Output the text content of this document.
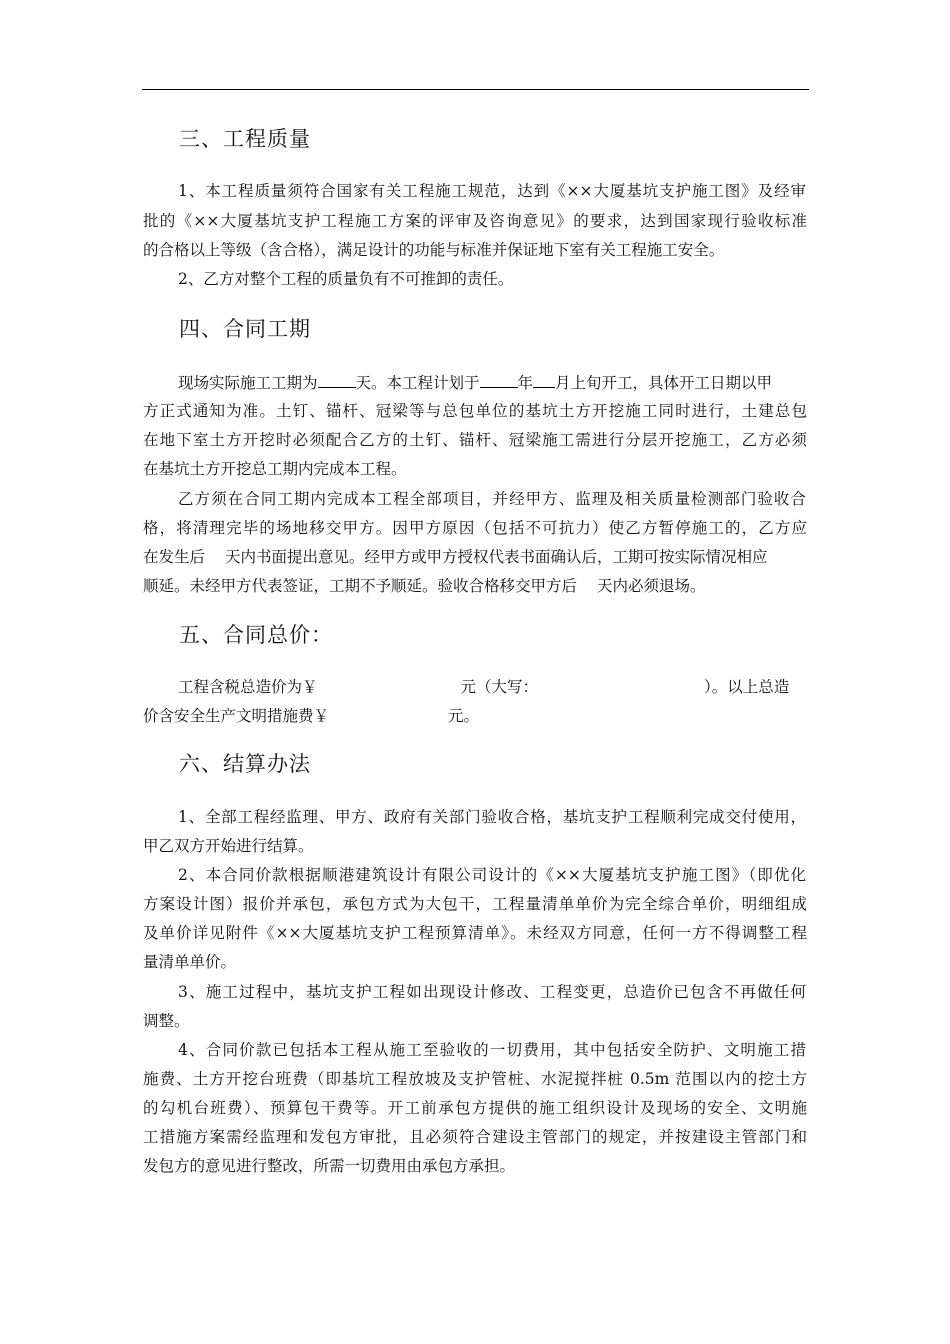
三、工程质量
1、本工程质量须符合国家有关工程施工规范，达到《××大厦基坑支护施工图》及经审
批的《××大厦基坑支护工程施工方案的评审及咨询意见》的要求，达到国家现行验收标准
的合格以上等级（含合格），满足设计的功能与标准并保证地下室有关工程施工安全。
2、乙方对整个工程的质量负有不可推卸的责任。
四、合同工期
现场实际施工工期为 天。本工程计划于 年 月上旬开工，具体开工日期以甲
方正式通知为准。土钉、锚杆、冠梁等与总包单位的基坑土方开挖施工同时进行，土建总包
在地下室土方开挖时必须配合乙方的土钉、锚杆、冠梁施工需进行分层开挖施工，乙方必须
在基坑土方开挖总工期内完成本工程。
乙方须在合同工期内完成本工程全部项目，并经甲方、监理及相关质量检测部门验收合
格，将清理完毕的场地移交甲方。因甲方原因（包括不可抗力）使乙方暂停施工的，乙方应
在发生后 天内书面提出意见。经甲方或甲方授权代表书面确认后，工期可按实际情况相应
顺延。未经甲方代表签证，工期不予顺延。验收合格移交甲方后 天内必须退场。
五、合同总价：
工程含税总造价为￥	元（大写：	）。以上总造
价含安全生产文明措施费￥	元。
六、结算办法
1、全部工程经监理、甲方、政府有关部门验收合格，基坑支护工程顺利完成交付使用，
甲乙双方开始进行结算。
2、本合同价款根据顺港建筑设计有限公司设计的《××大厦基坑支护施工图》（即优化
方案设计图）报价并承包，承包方式为大包干，工程量清单单价为完全综合单价，明细组成
及单价详见附件《××大厦基坑支护工程预算清单》。未经双方同意，任何一方不得调整工程
量清单单价。
3、施工过程中，基坑支护工程如出现设计修改、工程变更，总造价已包含不再做任何
调整。
4、合同价款已包括本工程从施工至验收的一切费用，其中包括安全防护、文明施工措
施费、土方开挖台班费（即基坑工程放坡及支护管桩、水泥搅拌桩 0.5m 范围以内的挖土方
的勾机台班费）、预算包干费等。开工前承包方提供的施工组织设计及现场的安全、文明施
工措施方案需经监理和发包方审批，且必须符合建设主管部门的规定，并按建设主管部门和
发包方的意见进行整改，所需一切费用由承包方承担。
